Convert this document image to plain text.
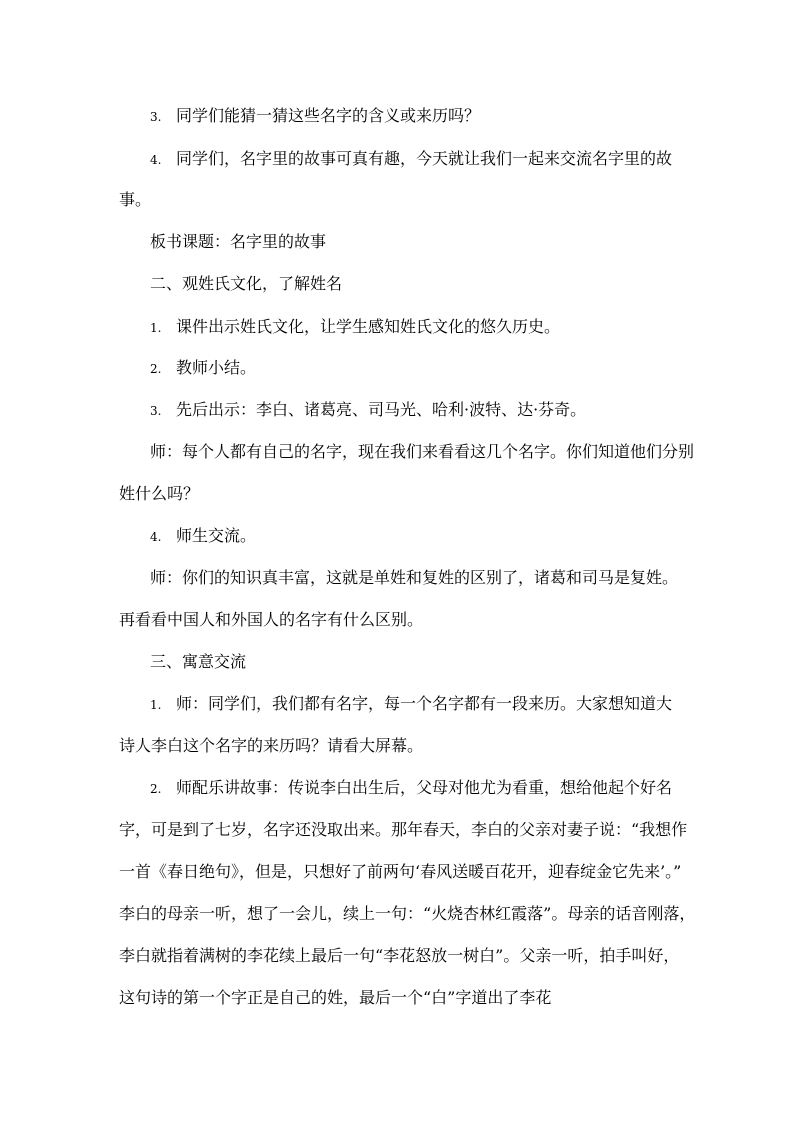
3. 同学们能猜一猜这些名字的含义或来历吗？
4. 同学们，名字里的故事可真有趣，今天就让我们一起来交流名字里的故
事。
板书课题：名字里的故事
二、观姓氏文化，了解姓名
1. 课件出示姓氏文化，让学生感知姓氏文化的悠久历史。
2. 教师小结。
3. 先后出示：李白、诸葛亮、司马光、哈利·波特、达·芬奇。
师：每个人都有自己的名字，现在我们来看看这几个名字。你们知道他们分别
姓什么吗？
4. 师生交流。
师：你们的知识真丰富，这就是单姓和复姓的区别了，诸葛和司马是复姓。
再看看中国人和外国人的名字有什么区别。
三、寓意交流
1. 师：同学们，我们都有名字，每一个名字都有一段来历。大家想知道大
诗人李白这个名字的来历吗？请看大屏幕。
2. 师配乐讲故事：传说李白出生后，父母对他尤为看重，想给他起个好名
字，可是到了七岁，名字还没取出来。那年春天，李白的父亲对妻子说：“我想作
一首《春日绝句》，但是，只想好了前两句‘春风送暖百花开，迎春绽金它先来’。”
李白的母亲一听，想了一会儿，续上一句：“火烧杏林红霞落”。母亲的话音刚落，
李白就指着满树的李花续上最后一句“李花怒放一树白”。父亲一听，拍手叫好，
这句诗的第一个字正是自己的姓，最后一个“白”字道出了李花
